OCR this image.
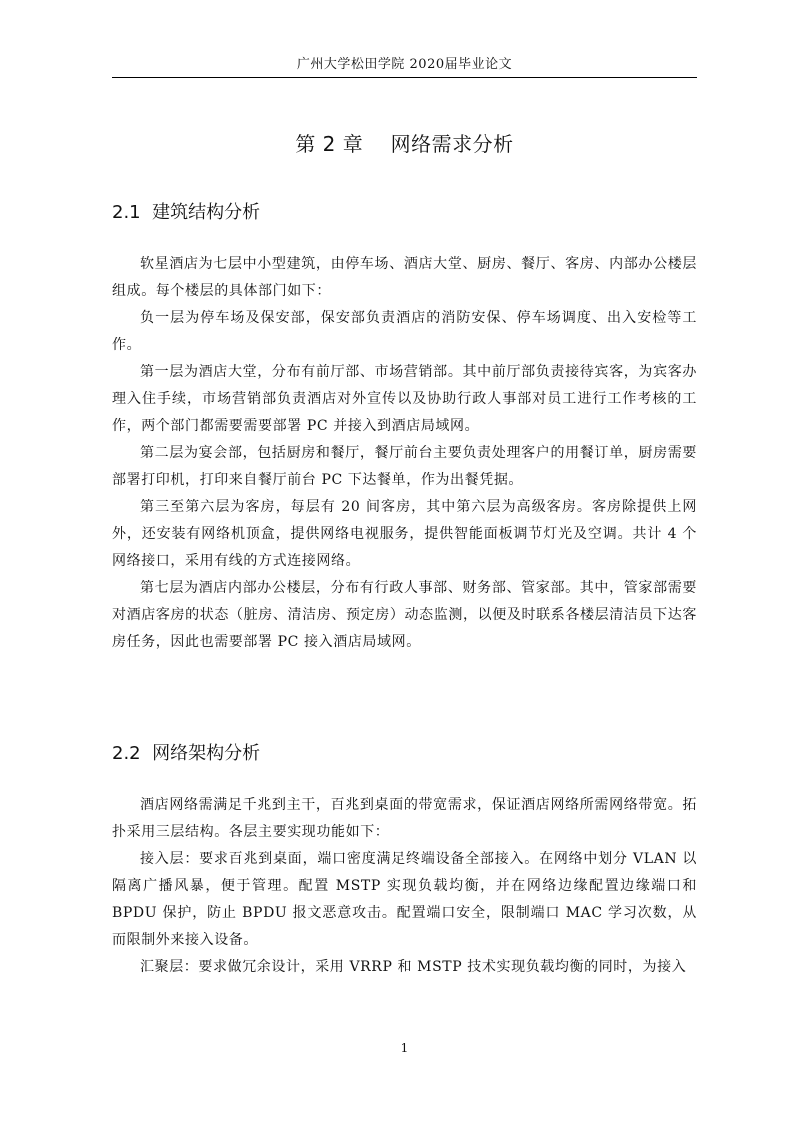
广州大学松田学院 2020届毕业论文
第 2 章    网络需求分析
2.1  建筑结构分析

软星酒店为七层中小型建筑，由停车场、酒店大堂、厨房、餐厅、客房、内部办公楼层组成。每个楼层的具体部门如下：

负一层为停车场及保安部，保安部负责酒店的消防安保、停车场调度、出入安检等工作。

第一层为酒店大堂，分布有前厅部、市场营销部。其中前厅部负责接待宾客，为宾客办理入住手续，市场营销部负责酒店对外宣传以及协助行政人事部对员工进行工作考核的工作，两个部门都需要需要部署 PC 并接入到酒店局域网。

第二层为宴会部，包括厨房和餐厅，餐厅前台主要负责处理客户的用餐订单，厨房需要部署打印机，打印来自餐厅前台 PC 下达餐单，作为出餐凭据。

第三至第六层为客房，每层有 20 间客房，其中第六层为高级客房。客房除提供上网外，还安装有网络机顶盒，提供网络电视服务，提供智能面板调节灯光及空调。共计 4 个网络接口，采用有线的方式连接网络。

第七层为酒店内部办公楼层，分布有行政人事部、财务部、管家部。其中，管家部需要对酒店客房的状态（脏房、清洁房、预定房）动态监测，以便及时联系各楼层清洁员下达客房任务，因此也需要部署 PC 接入酒店局域网。

2.2  网络架构分析

酒店网络需满足千兆到主干，百兆到桌面的带宽需求，保证酒店网络所需网络带宽。拓扑采用三层结构。各层主要实现功能如下：

接入层：要求百兆到桌面，端口密度满足终端设备全部接入。在网络中划分 VLAN 以隔离广播风暴，便于管理。配置 MSTP 实现负载均衡，并在网络边缘配置边缘端口和 BPDU 保护，防止 BPDU 报文恶意攻击。配置端口安全，限制端口 MAC 学习次数，从而限制外来接入设备。

汇聚层：要求做冗余设计，采用 VRRP 和 MSTP 技术实现负载均衡的同时，为接入

1
